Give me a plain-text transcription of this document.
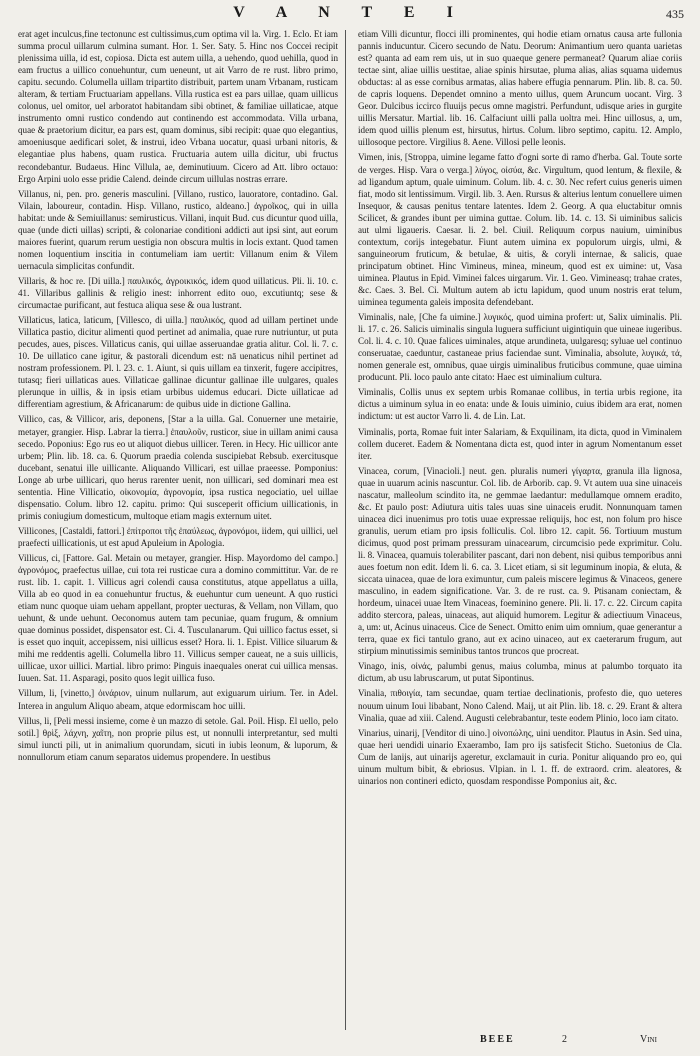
V A N T E I	435

erat aget inculcus,fine tectonunc est cultissimus,cum optima vil la. Virg. 1. Eclo. Et iam summa procul uillarum culmina sumant. Hor. 1. Ser. Saty. 5. Hinc nos Coccei recipit plenissima uilla, id est, copiosa. Dicta est autem uilla, a uehendo, quod uehilla, quod in eam fructus a uillico conuehuntur, cum ueneunt, ut ait Varro de re rust. libro primo, capitu. secundo. Columella uillam tripartito distribuit, partem unam Vrbanam, rusticam alteram, & tertiam Fructuariam appellans. Villa rustica est ea pars uillae, quam uillicus colonus, uel omitor, uel arboratot habitandam sibi obtinet, & familiae uillaticae, atque instrumento omni rustico condendo aut continendo est accommodata. Villa urbana, quae & praetorium dicitur, ea pars est, quam dominus, sibi recipit: quae quo elegantius, amoeniusque aedificari solet, & instrui, ideo Vrbana uocatur, quasi urbani nitoris, & elegantiae plus habens, quam rustica. Fructuaria autem uilla dicitur, ubi fructus recondebantur. Budaeus. Hinc Villula, ae, deminutiuum. Cicero ad Att. libro octauo: Ergo Arpini uolo esse pridie Calend. deinde circum uillulas nostras errare.

Villanus, ni, pen. pro. generis masculini. [Villano, rustico, lauoratore, contadino. Gal. Vilain, laboureur, contadin. Hisp. Villano, rustico, aldeano.] ἀγροῖκος, qui in uilla habitat: unde & Semiuillanus: semirusticus. Villani, inquit Bud. cus dicuntur quod uilla, quae (unde dicti uillas) scripti, & colonariae conditioni addicti aut ipsi sint, aut eorum maiores fuerint, quarum rerum uestigia non obscura multis in locis extant. Quod tamen nomen loquentium inscitia in contumeliam iam uertit: Villanum enim & Vilem uernacula simplicitas confundit.

Villaris, & hoc re. [Di uilla.] παυλικός, ἀγροικικός, idem quod uillaticus. Pli. li. 10. c. 41. Villaribus gallinis & religio inest: inhorrent edito ouo, excutiuntq; sese & circumactae purificant, aut festuca aliqua sese & oua lustrant.

Villaticus, latica, laticum, [Villesco, di uilla.] παυλικός, quod ad uillam pertinet unde Villatica pastio, dicitur alimenti quod pertinet ad animalia, quae rure nutriuntur, ut puta pecudes, aues, pisces. Villaticus canis, qui uillae asseruandae gratia alitur. Col. li. 7. c. 10. De uillatico cane igitur, & pastorali dicendum est: nā uenaticus nihil pertinet ad nostram professionem. Pl. l. 23. c. 1. Aiunt, si quis uillam ea tinxerit, fugere accipitres, tutasq; fieri uillaticas aues. Villaticae gallinae dicuntur gallinae ille uulgares, quales plerunque in uillis, & in ipsis etiam urbibus uidemus educari. Dicte uillaticae ad differentiam agrestium, & Africanarum: de quibus uide in dictione Gallina.

Villico, cas, & Villicor, aris, deponens, [Star a la uilla. Gal. Conuerner une metairie, metayer, grangier. Hisp. Labrar la tierra.] ἐπαυλοῦν, rusticor, siue in uillam animi causa secedo. Poponius: Ego rus eo ut aliquot diebus uillicer. Teren. in Hecy. Hic uillicor ante urbem; Plin. lib. 18. ca. 6. Quorum praedia colenda suscipiebat Rebsub. exercitusque ducebant, senatui ille uillicante. Aliquando Villicari, est uillae praeesse. Pomponius: Longe ab urbe uillicari, quo herus rarenter uenit, non uillicari, sed dominari mea est sententia. Hine Villicatio, οἰκονομία, ἀγρονομία, ipsa rustica negociatio, uel uillae dispensatio. Colum. libro 12. capitu. primo: Qui susceperit officium uillicationis, in primis coniugium domesticum, multoque etiam magis externum uitet.

Villicones, [Castaldi, fattori.] ἐπίτροποι τῆς ἐπαύλεως, ἀγρονόμοι, iidem, qui uillici, uel praefecti uillicationis, ut est apud Apuleium in Apologia.

Villicus, ci, [Fattore. Gal. Metain ou metayer, grangier. Hisp. Mayordomo del campo.] ἀγρονόμος, praefectus uillae, cui tota rei rusticae cura a domino committitur. Var. de re rust. lib. 1. capit. 1. Villicus agri colendi causa constitutus, atque appellatus a uilla, Villa ab eo quod in ea conuehuntur fructus, & euehuntur cum ueneunt. A quo rustici etiam nunc quoque uiam ueham appellant, propter uecturas, & Vellam, non Villam, quo uehunt, & unde uehunt. Oeconomus autem tam pecuniae, quam frugum, & omnium quae dominus possidet, dispensator est. Ci. 4. Tusculanarum. Qui uillico factus esset, si is esset quo inquit, accepissem, nisi uillicus esset? Hora. li. 1. Epist. Villice siluarum & mihi me reddentis agelli. Columella libro 11. Villicus semper caueat, ne a suis uillicis, uillicae, uxor uillici. Martial. libro primo: Pinguis inaequales onerat cui uillica mensas. Iuuen. Sat. 11. Asparagi, posito quos legit uillica fuso.

Villum, li, [vinetto,] ὀινάριον, uinum nullarum, aut exiguarum uirium. Ter. in Adel. Interea in angulum Aliquo abeam, atque edormiscam hoc uilli.

Villus, li, [Peli messi insieme, come è un mazzo di setole. Gal. Poil. Hisp. El uello, pelo sotil.] θρὶξ, λάχνη, χαῖτη, non proprie pilus est, ut nonnulli interpretantur, sed multi simul iuncti pili, ut in animalium quorundam, sicuti in iubis leonum, & luporum, & nonnullorum etiam canum separatos uidemus propendere. In uestibus

etiam Villi dicuntur, flocci illi prominentes, qui hodie etiam ornatus causa arte fullonia pannis inducuntur. Cicero secundo de Natu. Deorum: Animantium uero quanta uarietas est? quanta ad eam rem uis, ut in suo quaeque genere permaneat? Quarum aliae coriis tectae sint, aliae uillis uestitae, aliae spinis hirsutae, pluma alias, alias squama uidemus obductas: al as esse cornibus armatas, alias habere effugia pennarum. Plin. lib. 8. ca. 50. de capris loquens. Dependet omnino a mento uillus, quem Aruncum uocant. Virg. 3 Geor. Dulcibus iccirco fluuijs pecus omne magistri. Perfundunt, udisque aries in gurgite uillis Mersatur. Martial. lib. 16. Calfaciunt uilli palla uoltra mei. Hinc uillosus, a, um, idem quod uillis plenum est, hirsutus, hirtus. Colum. libro septimo, capitu. 12. Amplo, uillosoque pectore. Virgilius 8. Aene. Villosi pelle leonis.

Vimen, inis, [Stroppa, uimine legame fatto d'ogni sorte di ramo d'herba. Gal. Toute sorte de verges. Hisp. Vara o verga.] λύγος, οἰσύα, &c. Virgultum, quod lentum, & flexile, & ad ligandum aptum, quale uiminum. Colum. lib. 4. c. 30. Nec refert cuius generis uimen fiat, modo sit lentissimum. Virgil. lib. 3. Aen. Rursus & alterius lentum conuellere uimen Insequor, & causas penitus tentare latentes. Idem 2. Georg. A qua eluctabitur omnis Scilicet, & grandes ibunt per uimina guttae. Colum. lib. 14. c. 13. Si uiminibus salicis aut ulmi ligaueris. Caesar. li. 2. bel. Ciuil. Reliquum corpus nauium, uiminibus contextum, corijs integebatur. Fiunt autem uimina ex populorum uirgis, ulmi, & sanguineorum fruticum, & betulae, & uitis, & coryli internae, & salicis, quae principatum obtinet. Hinc Vimineus, minea, mineum, quod est ex uimine: ut, Vasa uiminea. Plautus in Epid. Viminei falces uirgarum. Vir. 1. Geo. Vimineasq; trahae crates, &c. Caes. 3. Bel. Ci. Multum autem ab ictu lapidum, quod unum nostris erat telum, uiminea tegumenta galeis imposita defendebant.

Viminalis, nale, [Che fa uimine.] λυγικός, quod uimina profert: ut, Salix uiminalis. Pli. li. 17. c. 26. Salicis uiminalis singula luguera sufficiunt uigintiquin que uineae iugeribus. Col. li. 4. c. 10. Quae falices uiminales, atque arundineta, uulgaresq; syluae uel continuo conseruatae, caeduntur, castaneae prius faciendae sunt. Viminalia, absolute, λυγικά, τά, nomen generale est, omnibus, quae uirgis uiminalibus fruticibus commune, quae uimina producunt. Pli. loco paulo ante citato: Haec est uiminalium cultura.

Viminalis, Collis unus ex septem urbis Romanae collibus, in tertia urbis regione, ita dictus a uiminum sylua in eo enata: unde & Iouis uiminio, cuius ibidem ara erat, nomen indictum: ut est auctor Varro li. 4. de Lin. Lat.

Viminalis, porta, Romae fuit inter Salariam, & Exquilinam, ita dicta, quod in Viminalem collem duceret. Eadem & Nomentana dicta est, quod inter in agrum Nomentanum esset iter.

Vinacea, corum, [Vinacioli.] neut. gen. pluralis numeri γίγαρτα, granula illa lignosa, quae in uuarum acinis nascuntur. Col. lib. de Arborib. cap. 9. Vt autem uua sine uinaceis nascatur, malleolum scindito ita, ne gemmae laedantur: medullamque omnem eradito, &c. Et paulo post: Adiutura uitis tales uuas sine uinaceis erudit. Nonnunquam tamen uinacea dici inuenimus pro totis uuae expressae reliquijs, hoc est, non folum pro hisce granulis, uerum etiam pro ipsis folliculis. Col. libro 12. capit. 56. Tortiuum mustum dicimus, quod post primam pressuram uinacearum, circumcisio pede exprimitur. Colu. li. 8. Vinacea, quamuis tolerabiliter pascant, dari non debent, nisi quibus temporibus anni aues foetum non edit. Idem li. 6. ca. 3. Licet etiam, si sit leguminum inopia, & eluta, & siccata uinacea, quae de lora eximuntur, cum paleis miscere legimus & Vinaceos, genere masculino, in eadem significatione. Var. 3. de re rust. ca. 9. Ptisanam coniectam, & hordeum, uinacei uuae Item Vinaceas, foeminino genere. Pli. li. 17. c. 22. Circum capita addito stercora, paleas, uinaceas, aut aliquid humorem. Legitur & adiectiuum Vinaceus, a, um: ut, Acinus uinaceus. Cice de Senect. Omitto enim uim omnium, quae generantur a terra, quae ex fici tantulo grano, aut ex acino uinaceo, aut ex caeterarum frugum, aut stirpium minutissimis seminibus tantos truncos que procreat.

Vinago, inis, οἰνάς, palumbi genus, maius columba, minus at palumbo torquato ita dictum, ab usu labruscarum, ut putat Sipontinus.

Vinalia, πιθοιγία, tam secundae, quam tertiae declinationis, profesto die, quo ueteres nouum uinum Ioui libabant, Nono Calend. Maij, ut ait Plin. lib. 18. c. 29. Erant & altera Vinalia, quae ad xiii. Calend. Augusti celebrabantur, teste eodem Plinio, loco iam citato.

Vinarius, uinarij, [Venditor di uino.] οἰνοπώλης, uini uenditor. Plautus in Asin. Sed uina, quae heri uendidi uinario Exaerambo, Iam pro ijs satisfecit Sticho. Suetonius de Cla. Cum de lanijs, aut uinarijs ageretur, exclamauit in curia. Ponitur aliquando pro eo, qui uinum multum bibit, & ebriosus. Vlpian. in l. 1. ff. de extraord. crim. aleatores, & uinarios non contineri edicto, quosdam respondisse Pomponius ait, &c.

BEEE	2	Vini
